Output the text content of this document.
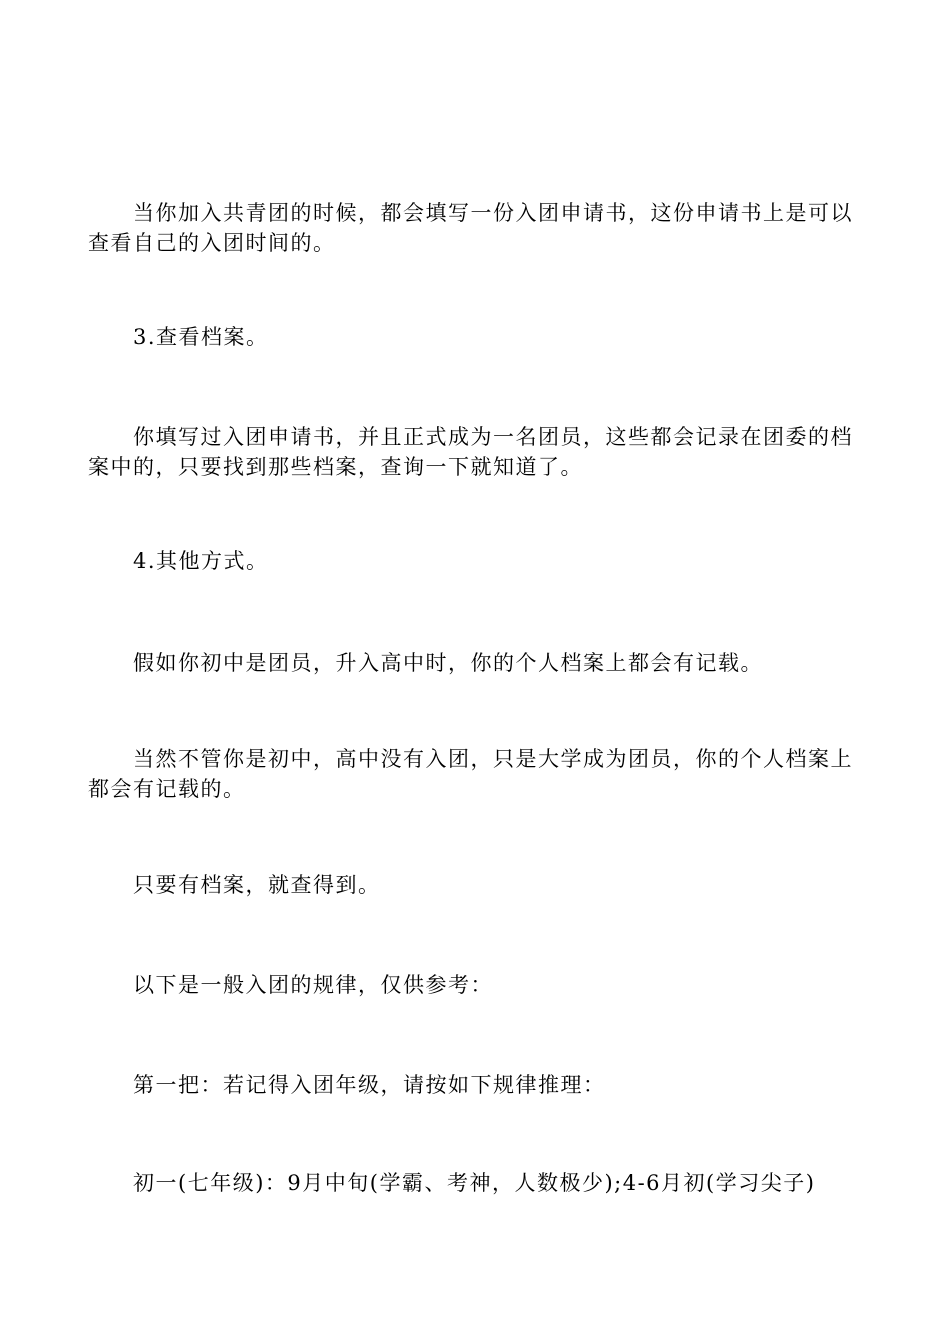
当你加入共青团的时候，都会填写一份入团申请书，这份申请书上是可以查看自己的入团时间的。

3.查看档案。

你填写过入团申请书，并且正式成为一名团员，这些都会记录在团委的档案中的，只要找到那些档案，查询一下就知道了。

4.其他方式。

假如你初中是团员，升入高中时，你的个人档案上都会有记载。

当然不管你是初中，高中没有入团，只是大学成为团员，你的个人档案上都会有记载的。

只要有档案，就查得到。

以下是一般入团的规律，仅供参考：

第一把：若记得入团年级，请按如下规律推理：

初一(七年级)：9月中旬(学霸、考神，人数极少);4-6月初(学习尖子)
